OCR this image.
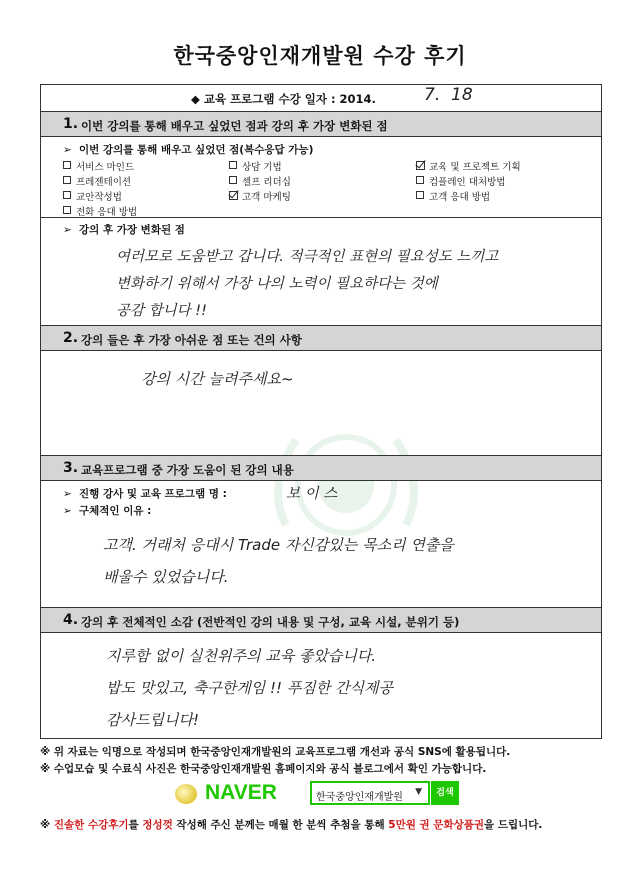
한국중앙인재개발원 수강 후기
◆ 교육 프로그램 수강 일자 : 2014.	7. 18
1. 이번 강의를 통해 배우고 싶었던 점과 강의 후 가장 변화된 점
➢ 이번 강의를 통해 배우고 싶었던 점(복수응답 가능)
서비스 마인드	상담 기법	교육 및 프로젝트 기획
프레젠테이션	셀프 리더십	컴플레인 대처방법
교안작성법	고객 마케팅	고객 응대 방법
전화 응대 방법
➢ 강의 후 가장 변화된 점
여러모로 도움받고 갑니다. 적극적인 표현의 필요성도 느끼고
변화하기 위해서 가장 나의 노력이 필요하다는 것에
공감 합니다 !!
2. 강의 들은 후 가장 아쉬운 점 또는 건의 사항
강의 시간 늘려주세요~
3. 교육프로그램 중 가장 도움이 된 강의 내용
➢ 진행 강사 및 교육 프로그램 명 :	보 이 스
➢ 구체적인 이유 :
고객. 거래처 응대시 Trade 자신감있는 목소리 연출을
배울수 있었습니다.
4. 강의 후 전체적인 소감 (전반적인 강의 내용 및 구성, 교육 시설, 분위기 등)
지루함 없이 실천위주의 교육 좋았습니다.
밥도 맛있고, 축구한게임 !! 푸짐한 간식제공
감사드립니다!
※ 위 자료는 익명으로 작성되며 한국중앙인재개발원의 교육프로그램 개선과 공식 SNS에 활용됩니다.
※ 수업모습 및 수료식 사진은 한국중앙인재개발원 홈페이지와 공식 블로그에서 확인 가능합니다.
NAVER	한국중앙인재개발원 ▼	검색
※ 진솔한 수강후기를 정성껏 작성해 주신 분께는 매월 한 분씩 추첨을 통해 5만원 권 문화상품권을 드립니다.
